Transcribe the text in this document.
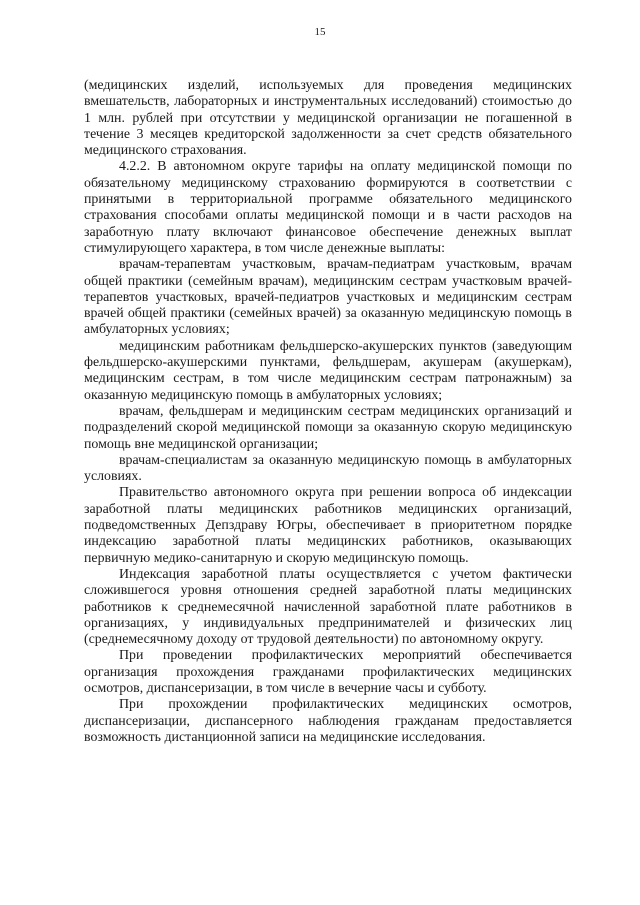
15

(медицинских изделий, используемых для проведения медицинских вмешательств, лабораторных и инструментальных исследований) стоимостью до 1 млн. рублей при отсутствии у медицинской организации не погашенной в течение 3 месяцев кредиторской задолженности за счет средств обязательного медицинского страхования.

4.2.2. В автономном округе тарифы на оплату медицинской помощи по обязательному медицинскому страхованию формируются в соответствии с принятыми в территориальной программе обязательного медицинского страхования способами оплаты медицинской помощи и в части расходов на заработную плату включают финансовое обеспечение денежных выплат стимулирующего характера, в том числе денежные выплаты:

врачам-терапевтам участковым, врачам-педиатрам участковым, врачам общей практики (семейным врачам), медицинским сестрам участковым врачей-терапевтов участковых, врачей-педиатров участковых и медицинским сестрам врачей общей практики (семейных врачей) за оказанную медицинскую помощь в амбулаторных условиях;

медицинским работникам фельдшерско-акушерских пунктов (заведующим фельдшерско-акушерскими пунктами, фельдшерам, акушерам (акушеркам), медицинским сестрам, в том числе медицинским сестрам патронажным) за оказанную медицинскую помощь в амбулаторных условиях;

врачам, фельдшерам и медицинским сестрам медицинских организаций и подразделений скорой медицинской помощи за оказанную скорую медицинскую помощь вне медицинской организации;

врачам-специалистам за оказанную медицинскую помощь в амбулаторных условиях.

Правительство автономного округа при решении вопроса об индексации заработной платы медицинских работников медицинских организаций, подведомственных Депздраву Югры, обеспечивает в приоритетном порядке индексацию заработной платы медицинских работников, оказывающих первичную медико-санитарную и скорую медицинскую помощь.

Индексация заработной платы осуществляется с учетом фактически сложившегося уровня отношения средней заработной платы медицинских работников к среднемесячной начисленной заработной плате работников в организациях, у индивидуальных предпринимателей и физических лиц (среднемесячному доходу от трудовой деятельности) по автономному округу.

При проведении профилактических мероприятий обеспечивается организация прохождения гражданами профилактических медицинских осмотров, диспансеризации, в том числе в вечерние часы и субботу.

При прохождении профилактических медицинских осмотров, диспансеризации, диспансерного наблюдения гражданам предоставляется возможность дистанционной записи на медицинские исследования.
